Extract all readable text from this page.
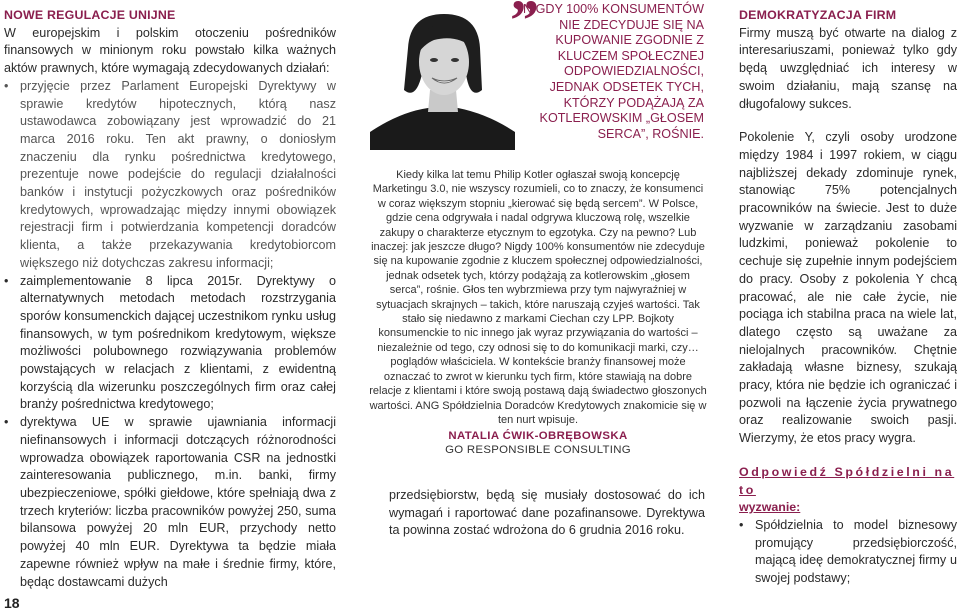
NOWE REGULACJE UNIJNE

W europejskim i polskim otoczeniu pośredników finansowych w minionym roku powstało kilka ważnych aktów prawnych, które wymagają zdecydowanych działań:

• przyjęcie przez Parlament Europejski Dyrektywy w sprawie kredytów hipotecznych, którą nasz ustawodawca zobowiązany jest wprowadzić do 21 marca 2016 roku. Ten akt prawny, o doniosłym znaczeniu dla rynku pośrednictwa kredytowego, prezentuje nowe podejście do regulacji działalności banków i instytucji pożyczkowych oraz pośredników kredytowych, wprowadzając między innymi obowiązek rejestracji firm i potwierdzania kompetencji doradców klienta, a także przekazywania kredytobiorcom większego niż dotychczas zakresu informacji;
• zaimplementowanie 8 lipca 2015r. Dyrektywy o alternatywnych metodach metodach rozstrzygania sporów konsumenckich dającej uczestnikom rynku usług finansowych, w tym pośrednikom kredytowym, większe możliwości polubownego rozwiązywania problemów powstających w relacjach z klientami, z ewidentną korzyścią dla wizerunku poszczególnych firm oraz całej branży pośrednictwa kredytowego;
• dyrektywa UE w sprawie ujawniania informacji niefinansowych i informacji dotczących różnorodności wprowadza obowiązek raportowania CSR na jednostki zainteresowania publicznego, m.in. banki, firmy ubezpieczeniowe, spółki giełdowe, które spełniają dwa z trzech kryteriów: liczba pracowników powyżej 250, suma bilansowa powyżej 20 mln EUR, przychody netto powyżej 40 mln EUR. Dyrektywa ta będzie miała zapewne również wpływ na małe i średnie firmy, które, będąc dostawcami dużych
”
NIGDY 100% KONSUMENTÓW NIE ZDECYDUJE SIĘ NA KUPOWANIE ZGODNIE Z KLUCZEM SPOŁECZNEJ ODPOWIEDZIALNOŚCI, JEDNAK ODSETEK TYCH, KTÓRZY PODĄŻAJĄ ZA KOTLEROWSKIM „GŁOSEM SERCA”, ROŚNIE.
Kiedy kilka lat temu Philip Kotler ogłaszał swoją koncepcję Marketingu 3.0, nie wszyscy rozumieli, co to znaczy, że konsumenci w coraz większym stopniu „kierować się będą sercem”. W Polsce, gdzie cena odgrywała i nadal odgrywa kluczową rolę, wszelkie zakupy o charakterze etycznym to egzotyka. Czy na pewno? Lub inaczej: jak jeszcze długo? Nigdy 100% konsumentów nie zdecyduje się na kupowanie zgodnie z kluczem społecznej odpowiedzialności, jednak odsetek tych, którzy podążają za kotlerowskim „głosem serca”, rośnie. Głos ten wybrzmiewa przy tym najwyraźniej w sytuacjach skrajnych – takich, które naruszają czyjeś wartości. Tak stało się niedawno z markami Ciechan czy LPP. Bojkoty konsumenckie to nic innego jak wyraz przywiązania do wartości – niezależnie od tego, czy odnosi się to do komunikacji marki, czy… poglądów właściciela. W kontekście branży finansowej może oznaczać to zwrot w kierunku tych firm, które stawiają na dobre relacje z klientami i które swoją postawą dają świadectwo głoszonych wartości. ANG Spółdzielnia Doradców Kredytowych znakomicie się w ten nurt wpisuje.
NATALIA ĆWIK-OBRĘBOWSKA
GO RESPONSIBLE CONSULTING

przedsiębiorstw, będą się musiały dostosować do ich wymagań i raportować dane pozafinansowe. Dyrektywa ta powinna zostać wdrożona do 6 grudnia 2016 roku.

DEMOKRATYZACJA FIRM

Firmy muszą być otwarte na dialog z interesariuszami, ponieważ tylko gdy będą uwzględniać ich interesy w swoim działaniu, mają szansę na długofalowy sukces.

Pokolenie Y, czyli osoby urodzone między 1984 i 1997 rokiem, w ciągu najbliższej dekady zdominuje rynek, stanowiąc 75% potencjalnych pracowników na świecie. Jest to duże wyzwanie w zarządzaniu zasobami ludzkimi, ponieważ pokolenie to cechuje się zupełnie innym podejściem do pracy. Osoby z pokolenia Y chcą pracować, ale nie całe życie, nie pociąga ich stabilna praca na wiele lat, dlatego często są uważane za nielojalnych pracowników. Chętnie zakładają własne biznesy, szukają pracy, która nie będzie ich ograniczać i pozwoli na łączenie życia prywatnego oraz realizowanie swoich pasji. Wierzymy, że etos pracy wygra.

Odpowiedź Spółdzielni na to
wyzwanie:
• Spółdzielnia to model biznesowy promujący przedsiębiorczość, mającą ideę demokratycznej firmy u swojej podstawy;
18
